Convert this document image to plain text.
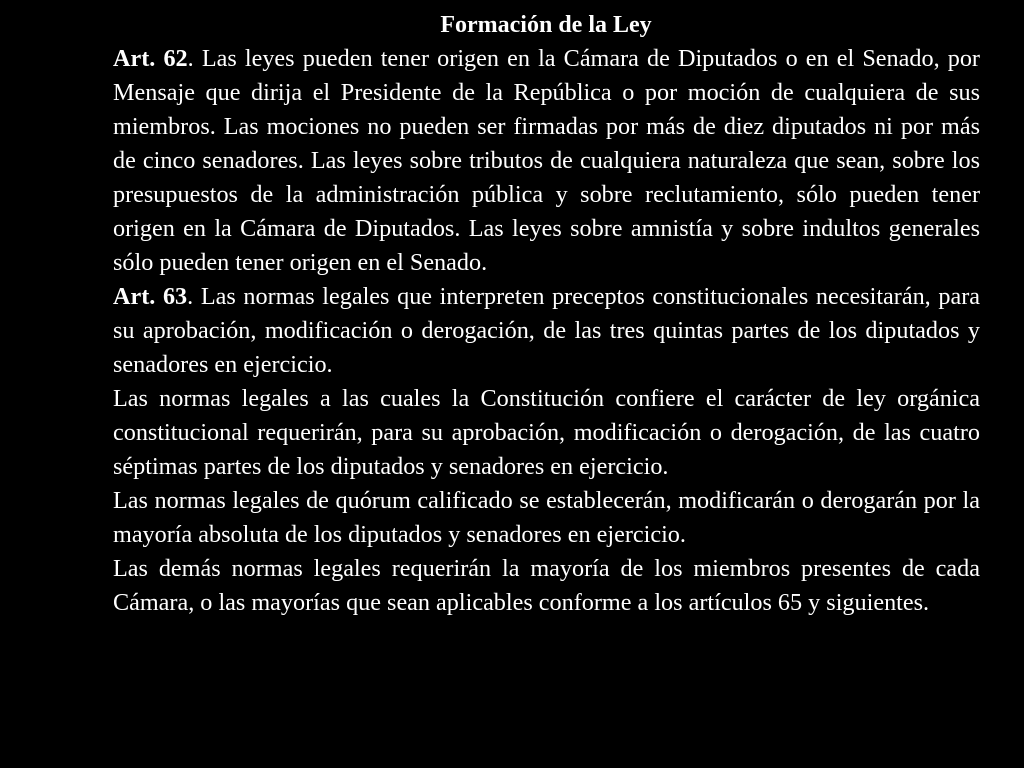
Formación de la Ley

Art. 62. Las leyes pueden tener origen en la Cámara de Diputados o en el Senado, por Mensaje que dirija el Presidente de la República o por moción de cualquiera de sus miembros. Las mociones no pueden ser firmadas por más de diez diputados ni por más de cinco senadores. Las leyes sobre tributos de cualquiera naturaleza que sean, sobre los presupuestos de la administración pública y sobre reclutamiento, sólo pueden tener origen en la Cámara de Diputados. Las leyes sobre amnistía y sobre indultos generales sólo pueden tener origen en el Senado.

Art. 63. Las normas legales que interpreten preceptos constitucionales necesitarán, para su aprobación, modificación o derogación, de las tres quintas partes de los diputados y senadores en ejercicio.

Las normas legales a las cuales la Constitución confiere el carácter de ley orgánica constitucional requerirán, para su aprobación, modificación o derogación, de las cuatro séptimas partes de los diputados y senadores en ejercicio.

Las normas legales de quórum calificado se establecerán, modificarán o derogarán por la mayoría absoluta de los diputados y senadores en ejercicio.

Las demás normas legales requerirán la mayoría de los miembros presentes de cada Cámara, o las mayorías que sean aplicables conforme a los artículos 65 y siguientes.
